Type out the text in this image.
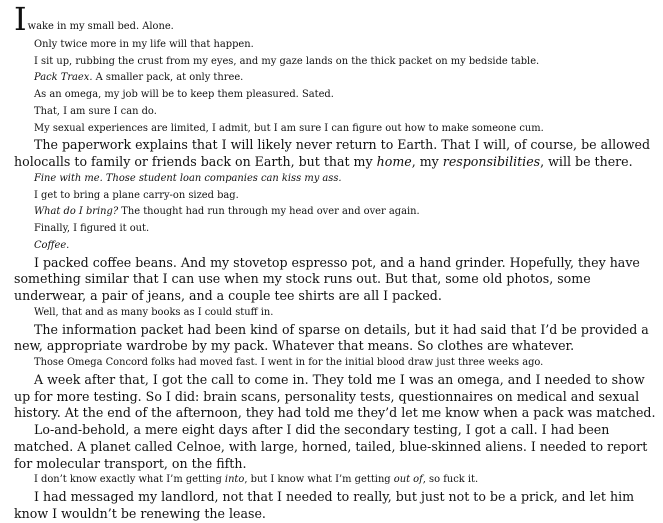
Iwake in my small bed. Alone.

Only twice more in my life will that happen.

I sit up, rubbing the crust from my eyes, and my gaze lands on the thick packet on my bedside table.

Pack Traex. A smaller pack, at only three.

As an omega, my job will be to keep them pleasured. Sated.

That, I am sure I can do.

My sexual experiences are limited, I admit, but I am sure I can figure out how to make someone cum.

The paperwork explains that I will likely never return to Earth. That I will, of course, be allowed holocalls to family or friends back on Earth, but that my home, my responsibilities, will be there.

Fine with me. Those student loan companies can kiss my ass.

I get to bring a plane carry-on sized bag.

What do I bring? The thought had run through my head over and over again.

Finally, I figured it out.

Coffee.

I packed coffee beans. And my stovetop espresso pot, and a hand grinder. Hopefully, they have something similar that I can use when my stock runs out. But that, some old photos, some underwear, a pair of jeans, and a couple tee shirts are all I packed.

Well, that and as many books as I could stuff in.

The information packet had been kind of sparse on details, but it had said that I’d be provided a new, appropriate wardrobe by my pack. Whatever that means. So clothes are whatever.

Those Omega Concord folks had moved fast. I went in for the initial blood draw just three weeks ago.

A week after that, I got the call to come in. They told me I was an omega, and I needed to show up for more testing. So I did: brain scans, personality tests, questionnaires on medical and sexual history. At the end of the afternoon, they had told me they’d let me know when a pack was matched.

Lo-and-behold, a mere eight days after I did the secondary testing, I got a call. I had been matched. A planet called Celnoe, with large, horned, tailed, blue-skinned aliens. I needed to report for molecular transport, on the fifth.

I don’t know exactly what I’m getting into, but I know what I’m getting out of, so fuck it.

I had messaged my landlord, not that I needed to really, but just not to be a prick, and let him know I wouldn’t be renewing the lease.
